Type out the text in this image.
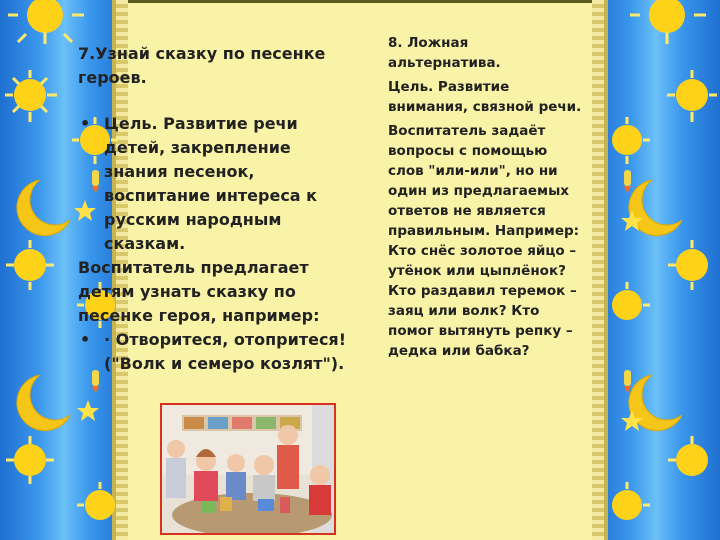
7.Узнай сказку по песенке героев.

• Цель. Развитие речи детей, закрепление знания песенок, воспитание интереса к русским народным сказкам.

Воспитатель предлагает детям узнать сказку по песенке героя, например:

• · Отворитеся, отопритеся! ("Волк и семеро козлят").

8. Ложная альтернатива.

Цель. Развитие внимания, связной речи.

Воспитатель задаёт вопросы с помощью слов "или-или", но ни один из предлагаемых ответов не является правильным. Например: Кто снёс золотое яйцо – утёнок или цыплёнок? Кто раздавил теремок – заяц или волк? Кто помог вытянуть репку – дедка или бабка?
